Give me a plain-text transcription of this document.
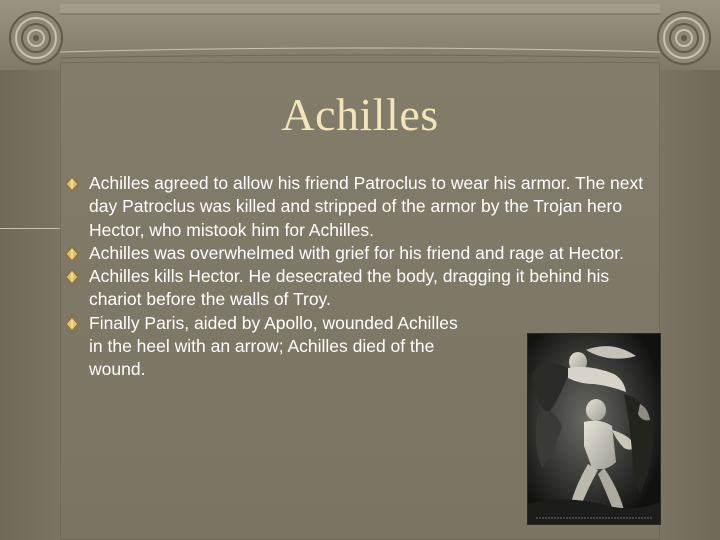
Achilles
Achilles agreed to allow his friend Patroclus to wear his armor. The next day Patroclus was killed and stripped of the armor by the Trojan hero Hector, who mistook him for Achilles.
Achilles was overwhelmed with grief for his friend and rage at Hector.
Achilles kills Hector. He desecrated the body, dragging it behind his chariot before the walls of Troy.
Finally Paris, aided by Apollo, wounded Achilles in the heel with an arrow; Achilles died of the wound.
